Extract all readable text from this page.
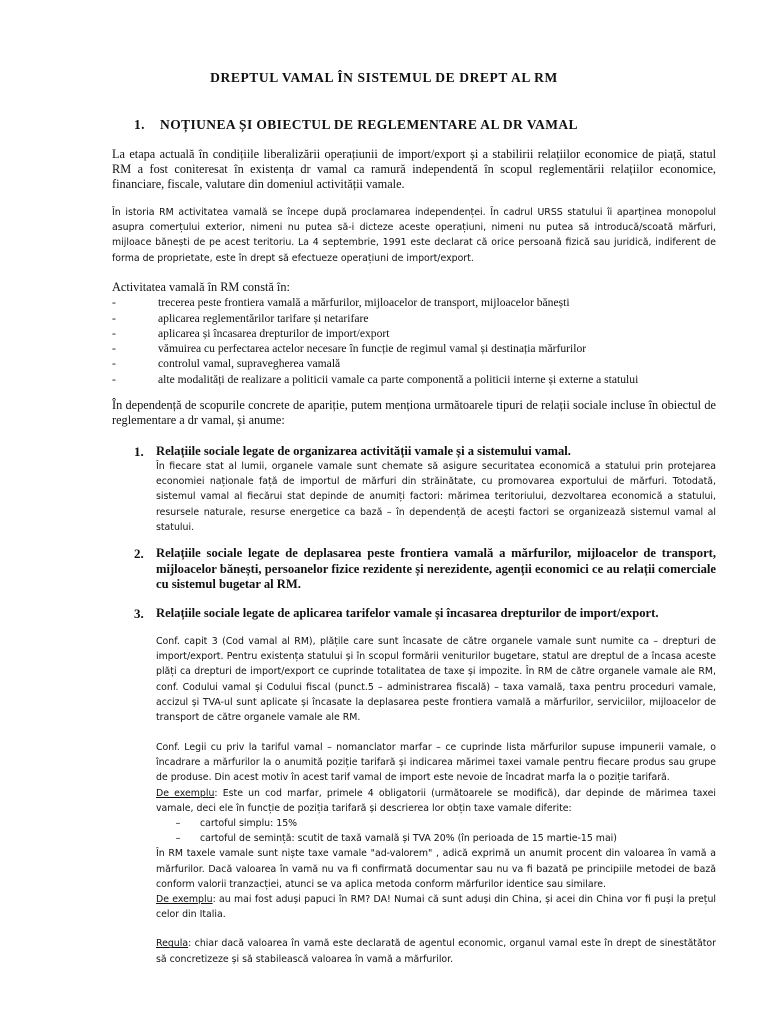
DREPTUL VAMAL ÎN SISTEMUL DE DREPT AL RM
1. NOȚIUNEA ȘI OBIECTUL DE REGLEMENTARE AL DR VAMAL
La etapa actuală în condițiile liberalizării operațiunii de import/export și a stabilirii relațiilor economice de piață, statul RM a fost coniteresat în existența dr vamal ca ramură independentă în scopul reglementării relațiilor economice, financiare, fiscale, valutare din domeniul activității vamale.
În istoria RM activitatea vamală se începe după proclamarea independenței. În cadrul URSS statului îi aparținea monopolul asupra comerțului exterior, nimeni nu putea să-i dicteze aceste operațiuni, nimeni nu putea să introducă/scoată mărfuri, mijloace bănești de pe acest teritoriu. La 4 septembrie, 1991 este declarat că orice persoană fizică sau juridică, indiferent de forma de proprietate, este în drept să efectueze operațiuni de import/export.
Activitatea vamală în RM constă în:
-	trecerea peste frontiera vamală a mărfurilor, mijloacelor de transport, mijloacelor bănești
-	aplicarea reglementărilor tarifare și netarifare
-	aplicarea și încasarea drepturilor de import/export
-	vămuirea cu perfectarea actelor necesare în funcție de regimul vamal și destinația mărfurilor
-	controlul vamal, supravegherea vamală
-	alte modalități de realizare a politicii vamale ca parte componentă a politicii interne și externe a statului
În dependență de scopurile concrete de apariție, putem menționa următoarele tipuri de relații sociale incluse în obiectul de reglementare a dr vamal, și anume:
1. Relațiile sociale legate de organizarea activității vamale și a sistemului vamal.
În fiecare stat al lumii, organele vamale sunt chemate să asigure securitatea economică a statului prin protejarea economiei naționale față de importul de mărfuri din străinătate, cu promovarea exportului de mărfuri. Totodată, sistemul vamal al fiecărui stat depinde de anumiți factori: mărimea teritoriului, dezvoltarea economică a statului, resursele naturale, resurse energetice ca bază – în dependență de acești factori se organizează sistemul vamal al statului.
2. Relațiile sociale legate de deplasarea peste frontiera vamală a mărfurilor, mijloacelor de transport, mijloacelor bănești, persoanelor fizice rezidente și nerezidente, agenții economici ce au relații comerciale cu sistemul bugetar al RM.
3. Relațiile sociale legate de aplicarea tarifelor vamale și încasarea drepturilor de import/export.
Conf. capit 3 (Cod vamal al RM), plățile care sunt încasate de către organele vamale sunt numite ca – drepturi de import/export. Pentru existența statului și în scopul formării veniturilor bugetare, statul are dreptul de a încasa aceste plăți ca drepturi de import/export ce cuprinde totalitatea de taxe și impozite. În RM de către organele vamale ale RM, conf. Codului vamal și Codului fiscal (punct.5 – administrarea fiscală) – taxa vamală, taxa pentru proceduri vamale, accizul și TVA-ul sunt aplicate și încasate la deplasarea peste frontiera vamală a mărfurilor, serviciilor, mijloacelor de transport de către organele vamale ale RM.
Conf. Legii cu priv la tariful vamal – nomanclator marfar – ce cuprinde lista mărfurilor supuse impunerii vamale, o încadrare a mărfurilor la o anumită poziție tarifară și indicarea mărimei taxei vamale pentru fiecare produs sau grupe de produse. Din acest motiv în acest tarif vamal de import este nevoie de încadrat marfa la o poziție tarifară.
De exemplu: Este un cod marfar, primele 4 obligatorii (următoarele se modifică), dar depinde de mărimea taxei vamale, deci ele în funcție de poziția tarifară și descrierea lor obțin taxe vamale diferite:
–	cartoful simplu: 15%
–	cartoful de semință: scutit de taxă vamală și TVA 20% (în perioada de 15 martie-15 mai)
În RM taxele vamale sunt niște taxe vamale "ad-valorem" , adică exprimă un anumit procent din valoarea în vamă a mărfurilor. Dacă valoarea în vamă nu va fi confirmată documentar sau nu va fi bazată pe principiile metodei de bază conform valorii tranzacției, atunci se va aplica metoda conform mărfurilor identice sau similare.
De exemplu: au mai fost aduși papuci în RM? DA! Numai că sunt aduși din China, și acei din China vor fi puși la prețul celor din Italia.
Regula: chiar dacă valoarea în vamă este declarată de agentul economic, organul vamal este în drept de sinestătător să concretizeze și să stabilească valoarea în vamă a mărfurilor.
